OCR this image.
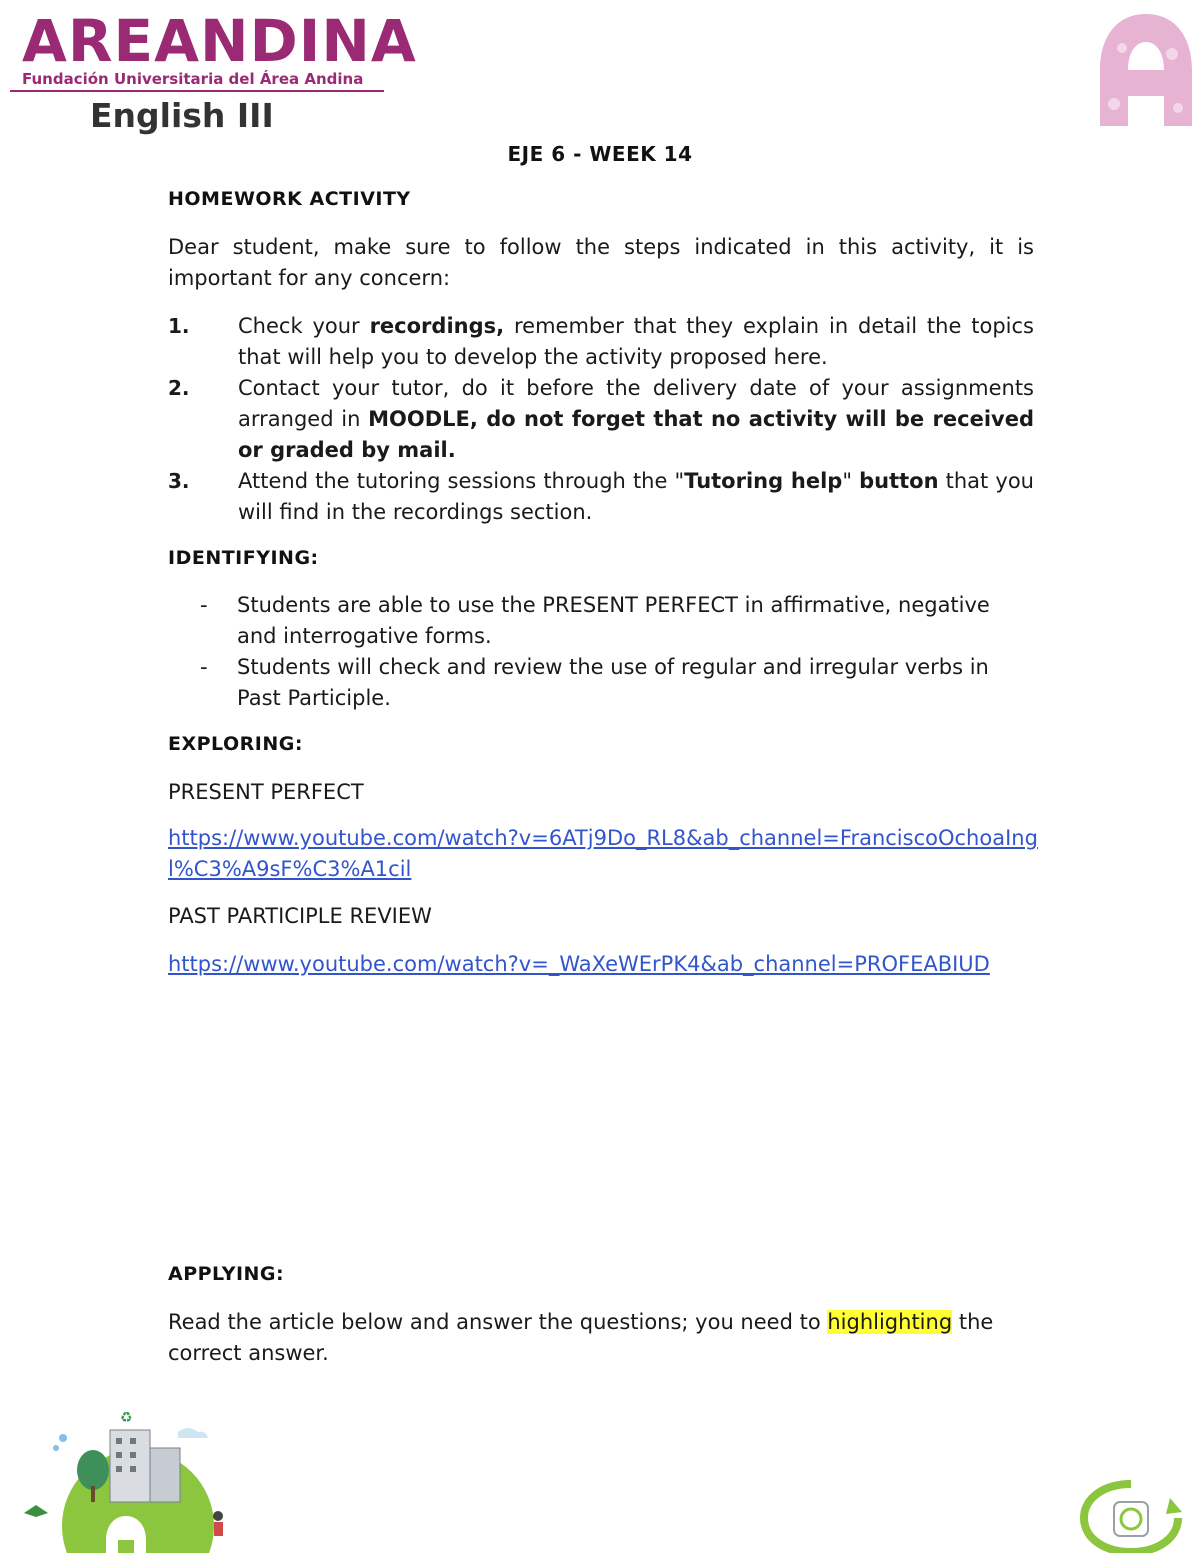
AREANDINA
Fundación Universitaria del Área Andina
English III
EJE 6 - WEEK 14
HOMEWORK ACTIVITY
Dear student, make sure to follow the steps indicated in this activity, it is important for any concern:
1. Check your recordings, remember that they explain in detail the topics that will help you to develop the activity proposed here.
2. Contact your tutor, do it before the delivery date of your assignments arranged in MOODLE, do not forget that no activity will be received or graded by mail.
3. Attend the tutoring sessions through the "Tutoring help" button that you will find in the recordings section.
IDENTIFYING:
- Students are able to use the PRESENT PERFECT in affirmative, negative and interrogative forms.
- Students will check and review the use of regular and irregular verbs in Past Participle.
EXPLORING:
PRESENT PERFECT
https://www.youtube.com/watch?v=6ATj9Do_RL8&ab_channel=FranciscoOchoaIngl%C3%A9sF%C3%A1cil
PAST PARTICIPLE REVIEW
https://www.youtube.com/watch?v=_WaXeWErPK4&ab_channel=PROFEABIUD
APPLYING:
Read the article below and answer the questions; you need to highlighting the correct answer.
♻
